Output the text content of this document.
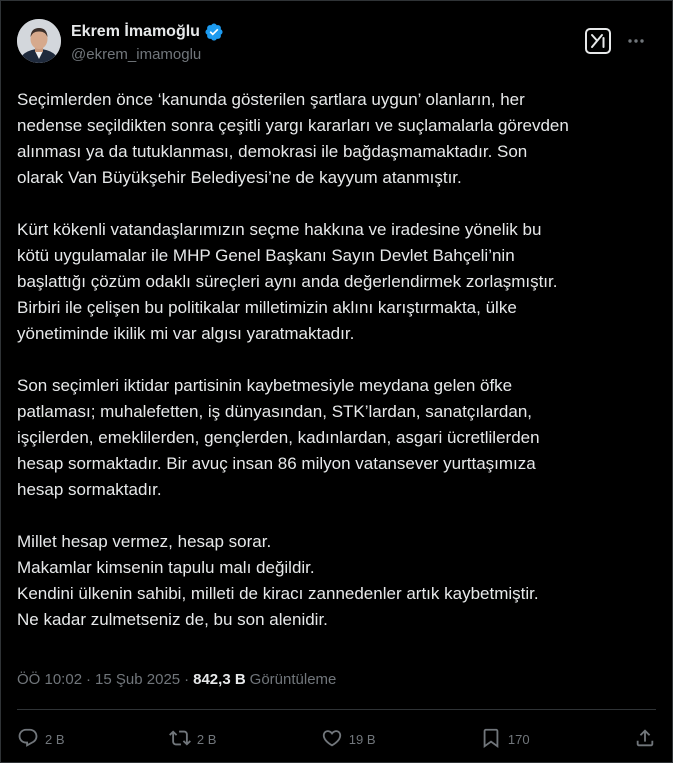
Ekrem İmamoğlu
@ekrem_imamoglu

Seçimlerden önce ‘kanunda gösterilen şartlara uygun’ olanların, her
nedense seçildikten sonra çeşitli yargı kararları ve suçlamalarla görevden
alınması ya da tutuklanması, demokrasi ile bağdaşmamaktadır. Son
olarak Van Büyükşehir Belediyesi’ne de kayyum atanmıştır.

Kürt kökenli vatandaşlarımızın seçme hakkına ve iradesine yönelik bu
kötü uygulamalar ile MHP Genel Başkanı Sayın Devlet Bahçeli’nin
başlattığı çözüm odaklı süreçleri aynı anda değerlendirmek zorlaşmıştır.
Birbiri ile çelişen bu politikalar milletimizin aklını karıştırmakta, ülke
yönetiminde ikilik mi var algısı yaratmaktadır.

Son seçimleri iktidar partisinin kaybetmesiyle meydana gelen öfke
patlaması; muhalefetten, iş dünyasından, STK’lardan, sanatçılardan,
işçilerden, emeklilerden, gençlerden, kadınlardan, asgari ücretlilerden
hesap sormaktadır. Bir avuç insan 86 milyon vatansever yurttaşımıza
hesap sormaktadır.

Millet hesap vermez, hesap sorar.
Makamlar kimsenin tapulu malı değildir.
Kendini ülkenin sahibi, milleti de kiracı zannedenler artık kaybetmiştir.
Ne kadar zulmetseniz de, bu son alenidir.

ÖÖ 10:02 · 15 Şub 2025 · 842,3 B Görüntüleme
2 B	2 B	19 B	170
